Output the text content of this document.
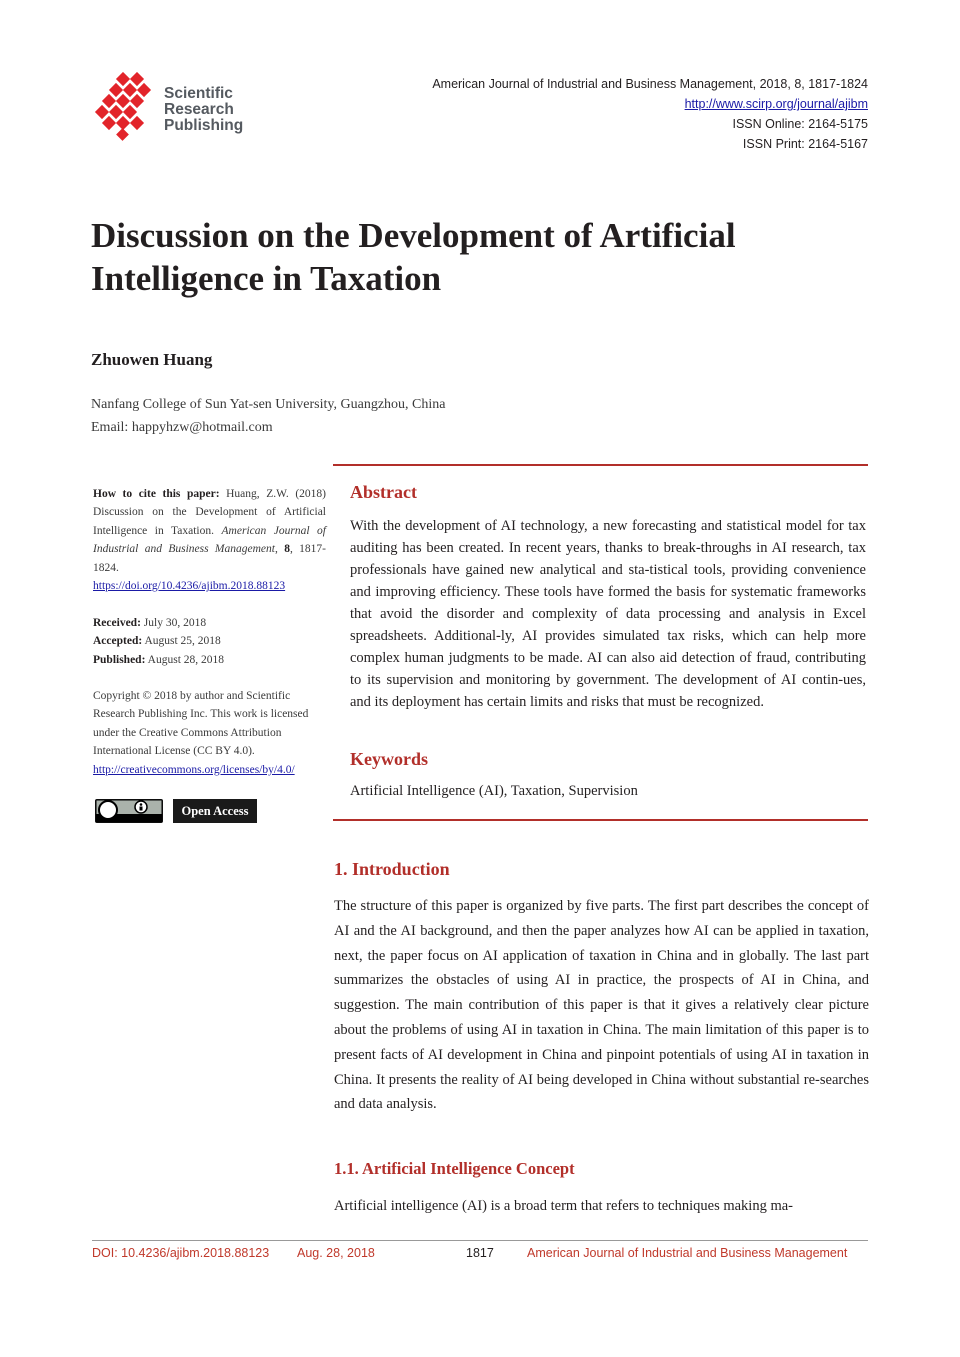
Scientific
Research
Publishing
American Journal of Industrial and Business Management, 2018, 8, 1817-1824
http://www.scirp.org/journal/ajibm
ISSN Online: 2164-5175
ISSN Print: 2164-5167
Discussion on the Development of Artificial Intelligence in Taxation
Zhuowen Huang
Nanfang College of Sun Yat-sen University, Guangzhou, China
Email: happyhzw@hotmail.com
How to cite this paper: Huang, Z.W. (2018) Discussion on the Development of Artificial Intelligence in Taxation. American Journal of Industrial and Business Management, 8, 1817-1824.
https://doi.org/10.4236/ajibm.2018.88123
Received: July 30, 2018
Accepted: August 25, 2018
Published: August 28, 2018
Copyright © 2018 by author and Scientific Research Publishing Inc. This work is licensed under the Creative Commons Attribution International License (CC BY 4.0).
http://creativecommons.org/licenses/by/4.0/
Open Access
Abstract
With the development of AI technology, a new forecasting and statistical model for tax auditing has been created. In recent years, thanks to break-throughs in AI research, tax professionals have gained new analytical and sta-tistical tools, providing convenience and improving efficiency. These tools have formed the basis for systematic frameworks that avoid the disorder and complexity of data processing and analysis in Excel spreadsheets. Additional-ly, AI provides simulated tax risks, which can help more complex human judgments to be made. AI can also aid detection of fraud, contributing to its supervision and monitoring by government. The development of AI contin-ues, and its deployment has certain limits and risks that must be recognized.
Keywords
Artificial Intelligence (AI), Taxation, Supervision
1. Introduction
The structure of this paper is organized by five parts. The first part describes the concept of AI and the AI background, and then the paper analyzes how AI can be applied in taxation, next, the paper focus on AI application of taxation in China and in globally. The last part summarizes the obstacles of using AI in practice, the prospects of AI in China, and suggestion. The main contribution of this paper is that it gives a relatively clear picture about the problems of using AI in taxation in China. The main limitation of this paper is to present facts of AI development in China and pinpoint potentials of using AI in taxation in China. It presents the reality of AI being developed in China without substantial re-searches and data analysis.
1.1. Artificial Intelligence Concept
Artificial intelligence (AI) is a broad term that refers to techniques making ma-
DOI: 10.4236/ajibm.2018.88123 Aug. 28, 2018	1817	American Journal of Industrial and Business Management
